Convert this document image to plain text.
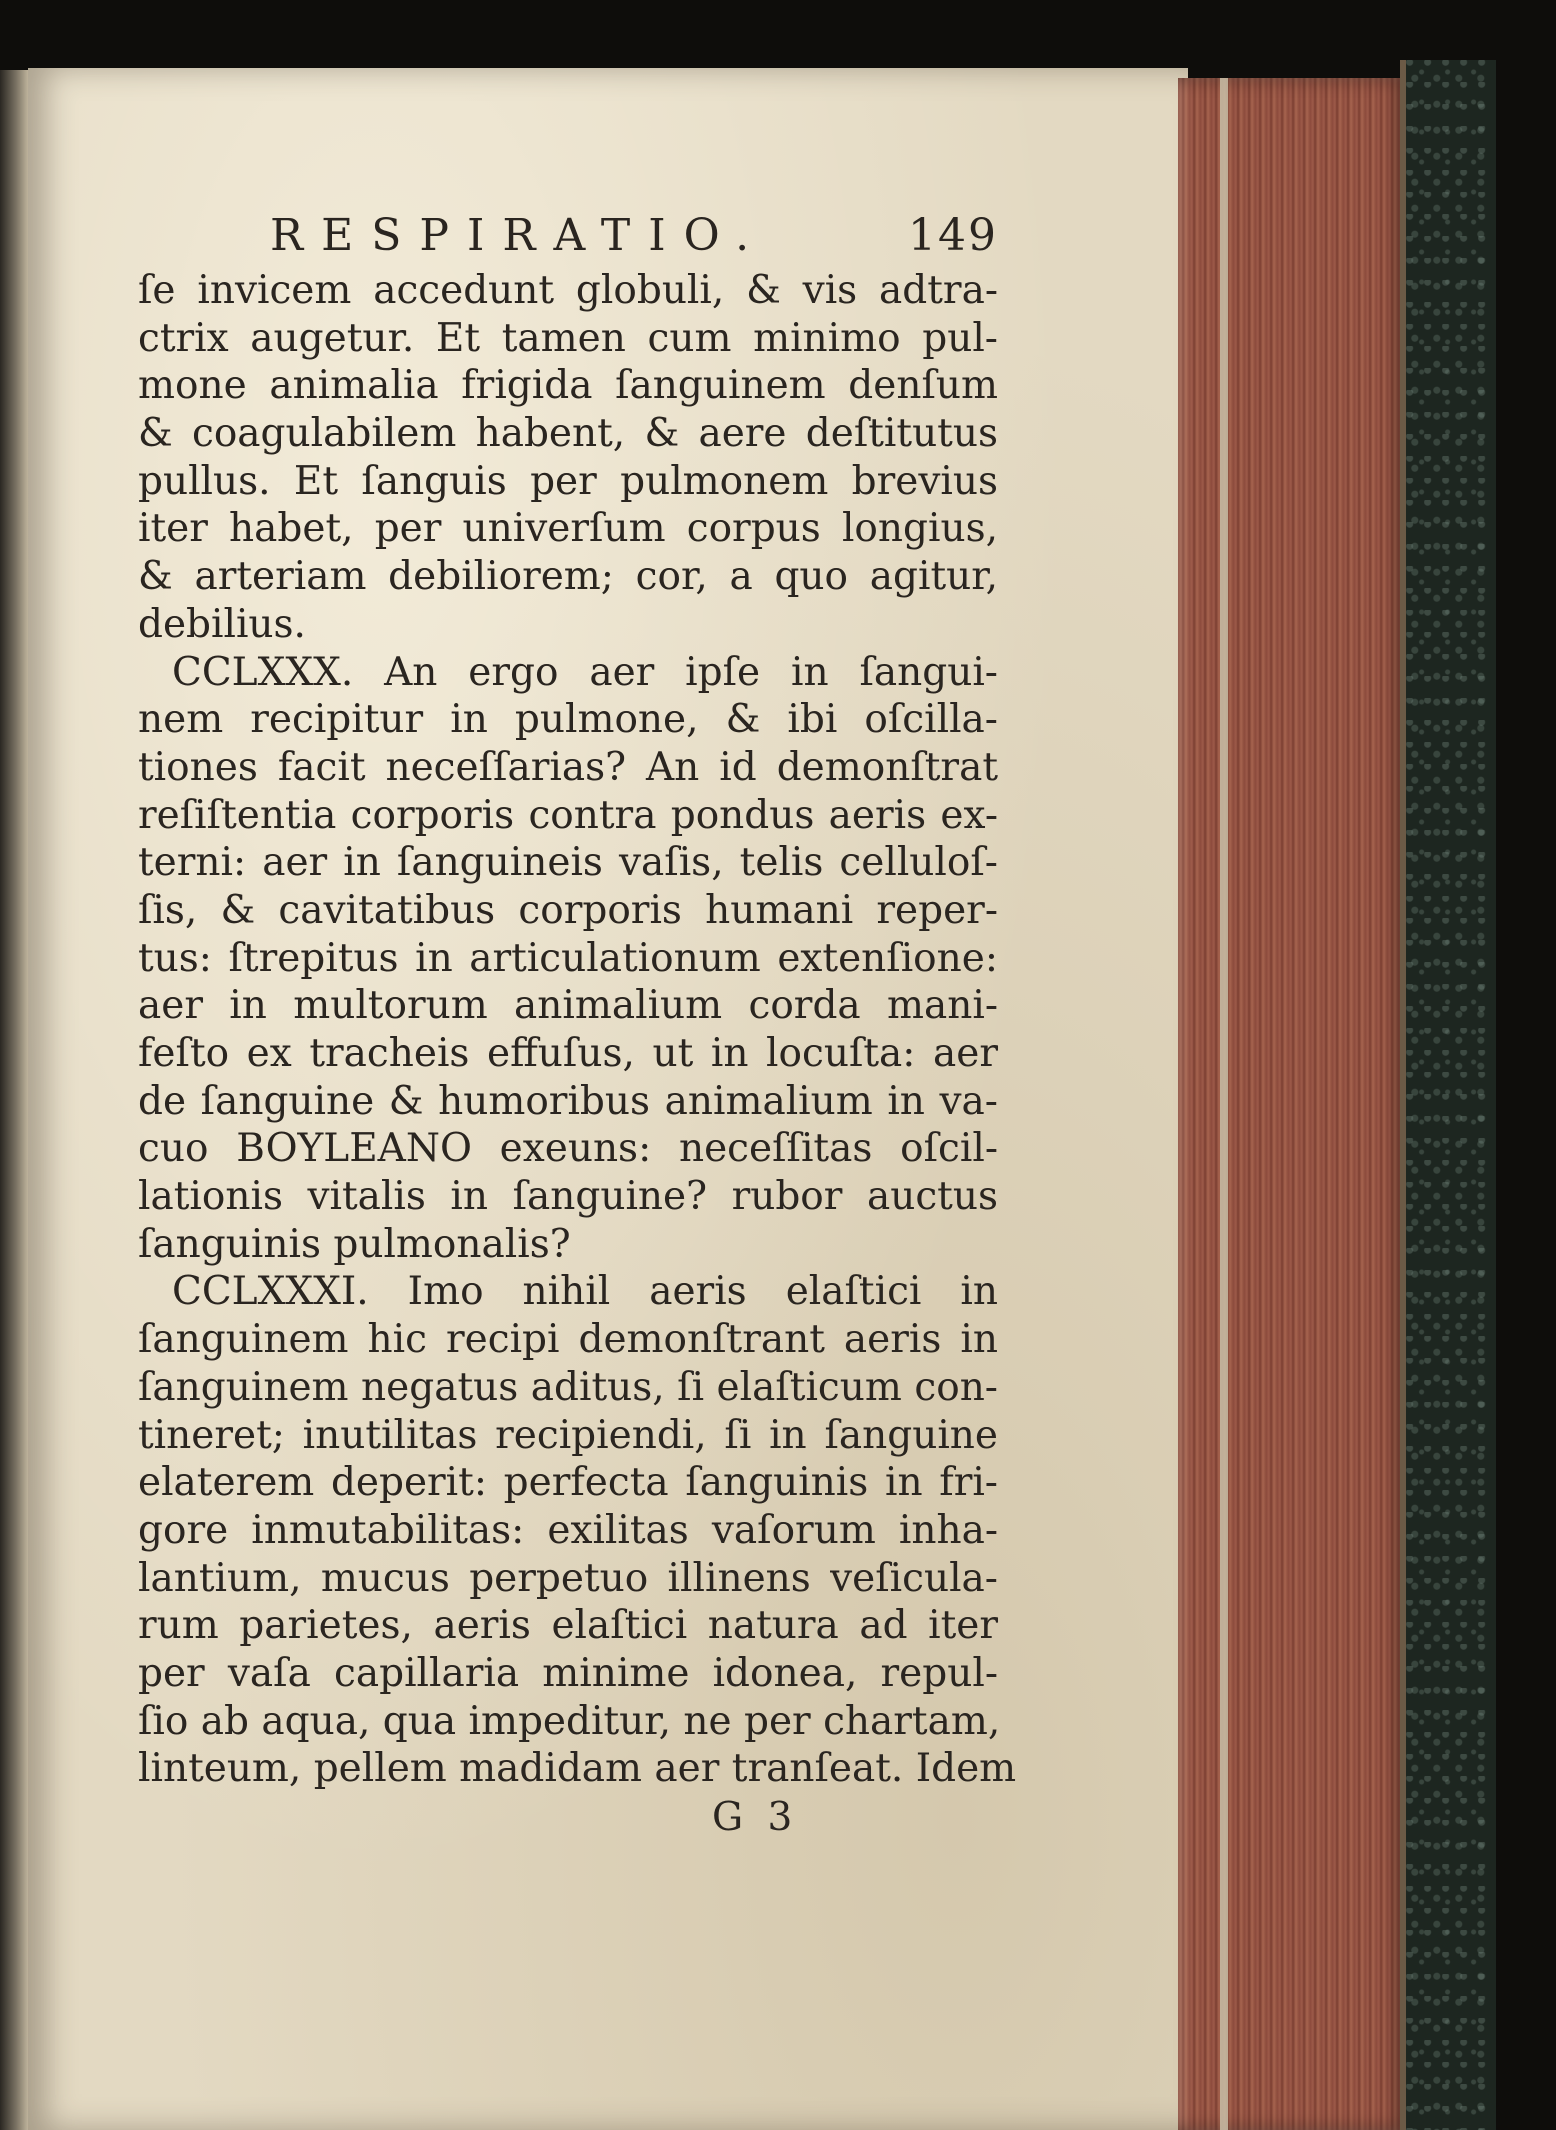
RESPIRATIO.	149
ſe invicem accedunt globuli, & vis adtra-
ctrix augetur. Et tamen cum minimo pul-
mone animalia frigida ſanguinem denſum
& coagulabilem habent, & aere deſtitutus
pullus. Et ſanguis per pulmonem brevius
iter habet, per univerſum corpus longius,
& arteriam debiliorem; cor, a quo agitur,
debilius.
CCLXXX. An ergo aer ipſe in ſangui-
nem recipitur in pulmone, & ibi oſcilla-
tiones facit neceſſarias? An id demonſtrat
reſiſtentia corporis contra pondus aeris ex-
terni: aer in ſanguineis vaſis, telis celluloſ-
ſis, & cavitatibus corporis humani reper-
tus: ſtrepitus in articulationum extenſione:
aer in multorum animalium corda mani-
feſto ex tracheis effuſus, ut in locuſta: aer
de ſanguine & humoribus animalium in va-
cuo BOYLEANO exeuns: neceſſitas oſcil-
lationis vitalis in ſanguine? rubor auctus
ſanguinis pulmonalis?
CCLXXXI. Imo nihil aeris elaſtici in
ſanguinem hic recipi demonſtrant aeris in
ſanguinem negatus aditus, ſi elaſticum con-
tineret; inutilitas recipiendi, ſi in ſanguine
elaterem deperit: perfecta ſanguinis in fri-
gore inmutabilitas: exilitas vaſorum inha-
lantium, mucus perpetuo illinens veſicula-
rum parietes, aeris elaſtici natura ad iter
per vaſa capillaria minime idonea, repul-
ſio ab aqua, qua impeditur, ne per chartam,
linteum, pellem madidam aer tranſeat. Idem
G 3
